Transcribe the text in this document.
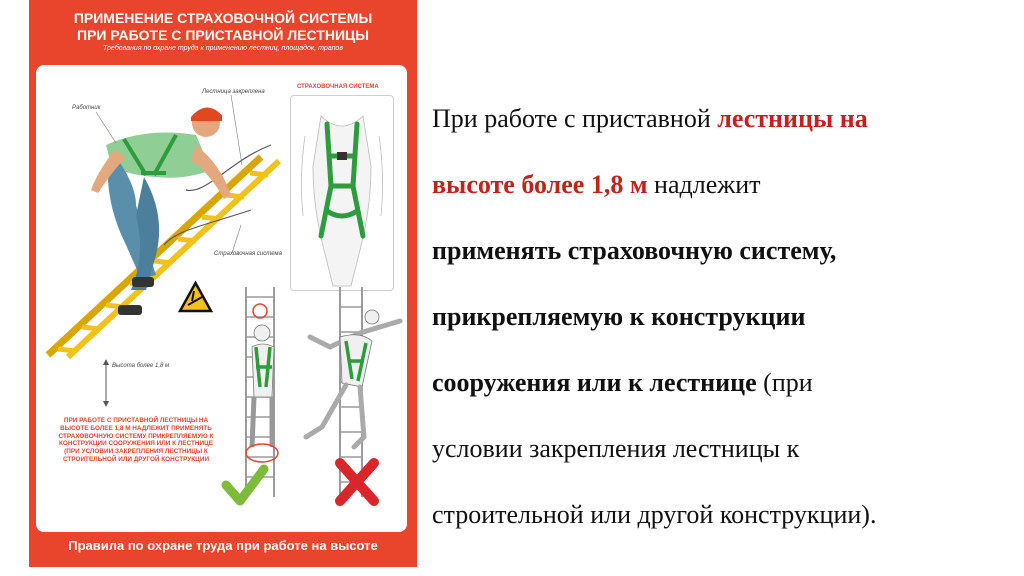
ПРИМЕНЕНИЕ СТРАХОВОЧНОЙ СИСТЕМЫ
ПРИ РАБОТЕ С ПРИСТАВНОЙ ЛЕСТНИЦЫ
Требования по охране труда к применению лестниц, площадок, трапов
Работник
Лестница закреплена
Страховочная система
Высота более 1,8 м
СТРАХОВОЧНАЯ СИСТЕМА
ПРИ РАБОТЕ С ПРИСТАВНОЙ ЛЕСТНИЦЫ НА ВЫСОТЕ БОЛЕЕ 1,8 М НАДЛЕЖИТ ПРИМЕНЯТЬ СТРАХОВОЧНУЮ СИСТЕМУ ПРИКРЕПЛЯЕМУЮ К КОНСТРУКЦИИ СООРУЖЕНИЯ ИЛИ К ЛЕСТНИЦЕ (ПРИ УСЛОВИИ ЗАКРЕПЛЕНИЯ ЛЕСТНИЦЫ К СТРОИТЕЛЬНОЙ ИЛИ ДРУГОЙ КОНСТРУКЦИИ
Правила по охране труда при работе на высоте
При работе с приставной лестницы на
высоте более 1,8 м надлежит
применять страховочную систему,
прикрепляемую к конструкции
сооружения или к лестнице (при
условии закрепления лестницы к
строительной или другой конструкции).
